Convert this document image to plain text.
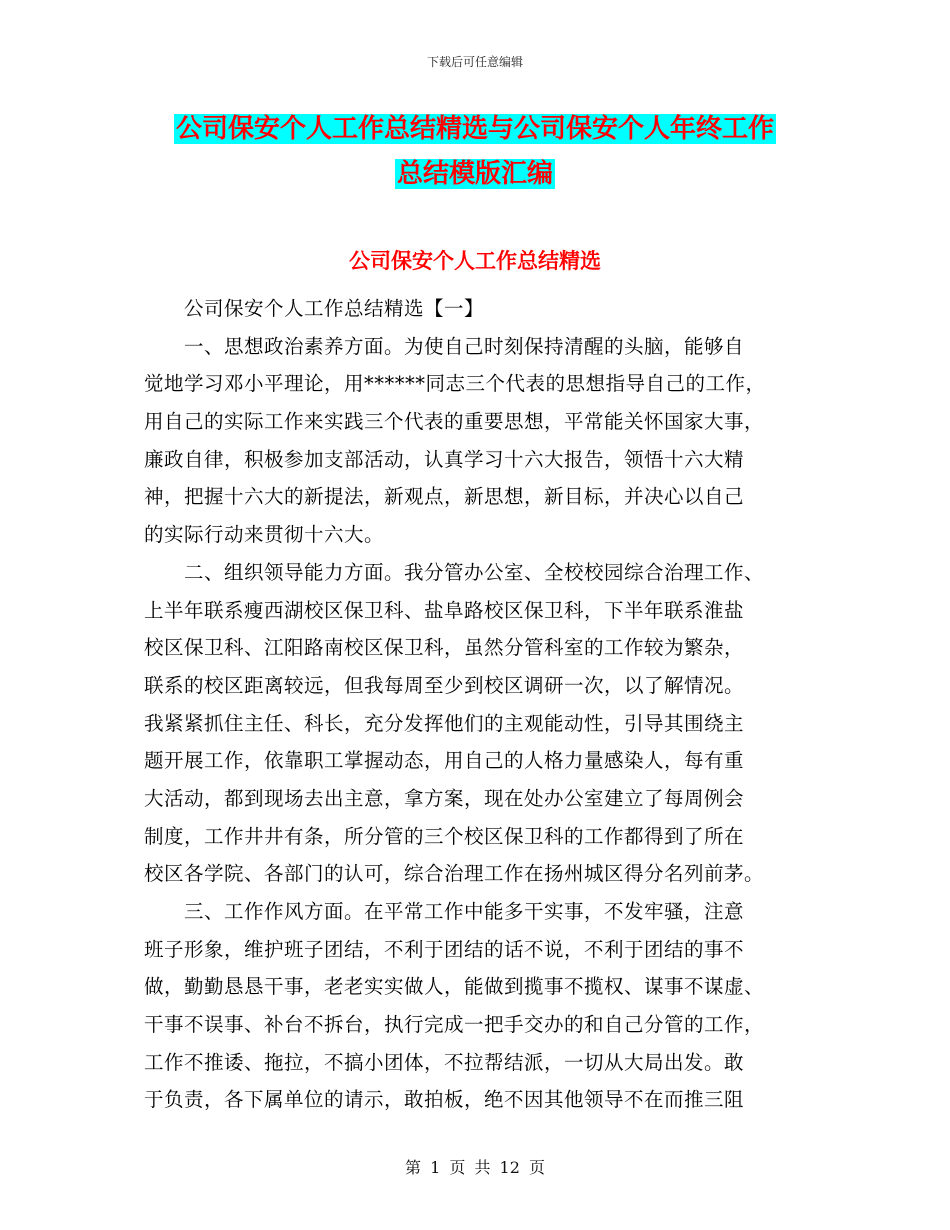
下载后可任意编辑
公司保安个人工作总结精选与公司保安个人年终工作
总结模版汇编
公司保安个人工作总结精选
　　公司保安个人工作总结精选【一】
　　一、思想政治素养方面。为使自己时刻保持清醒的头脑，能够自
觉地学习邓小平理论，用******同志三个代表的思想指导自己的工作，
用自己的实际工作来实践三个代表的重要思想，平常能关怀国家大事，
廉政自律，积极参加支部活动，认真学习十六大报告，领悟十六大精
神，把握十六大的新提法，新观点，新思想，新目标，并决心以自己
的实际行动来贯彻十六大。
　　二、组织领导能力方面。我分管办公室、全校校园综合治理工作、
上半年联系瘦西湖校区保卫科、盐阜路校区保卫科，下半年联系淮盐
校区保卫科、江阳路南校区保卫科，虽然分管科室的工作较为繁杂，
联系的校区距离较远，但我每周至少到校区调研一次，以了解情况。
我紧紧抓住主任、科长，充分发挥他们的主观能动性，引导其围绕主
题开展工作，依靠职工掌握动态，用自己的人格力量感染人，每有重
大活动，都到现场去出主意，拿方案，现在处办公室建立了每周例会
制度，工作井井有条，所分管的三个校区保卫科的工作都得到了所在
校区各学院、各部门的认可，综合治理工作在扬州城区得分名列前茅。
　　三、工作作风方面。在平常工作中能多干实事，不发牢骚，注意
班子形象，维护班子团结，不利于团结的话不说，不利于团结的事不
做，勤勤恳恳干事，老老实实做人，能做到揽事不揽权、谋事不谋虚、
干事不误事、补台不拆台，执行完成一把手交办的和自己分管的工作，
工作不推诿、拖拉，不搞小团体，不拉帮结派，一切从大局出发。敢
于负责，各下属单位的请示，敢拍板，绝不因其他领导不在而推三阻
第 1 页 共 12 页
